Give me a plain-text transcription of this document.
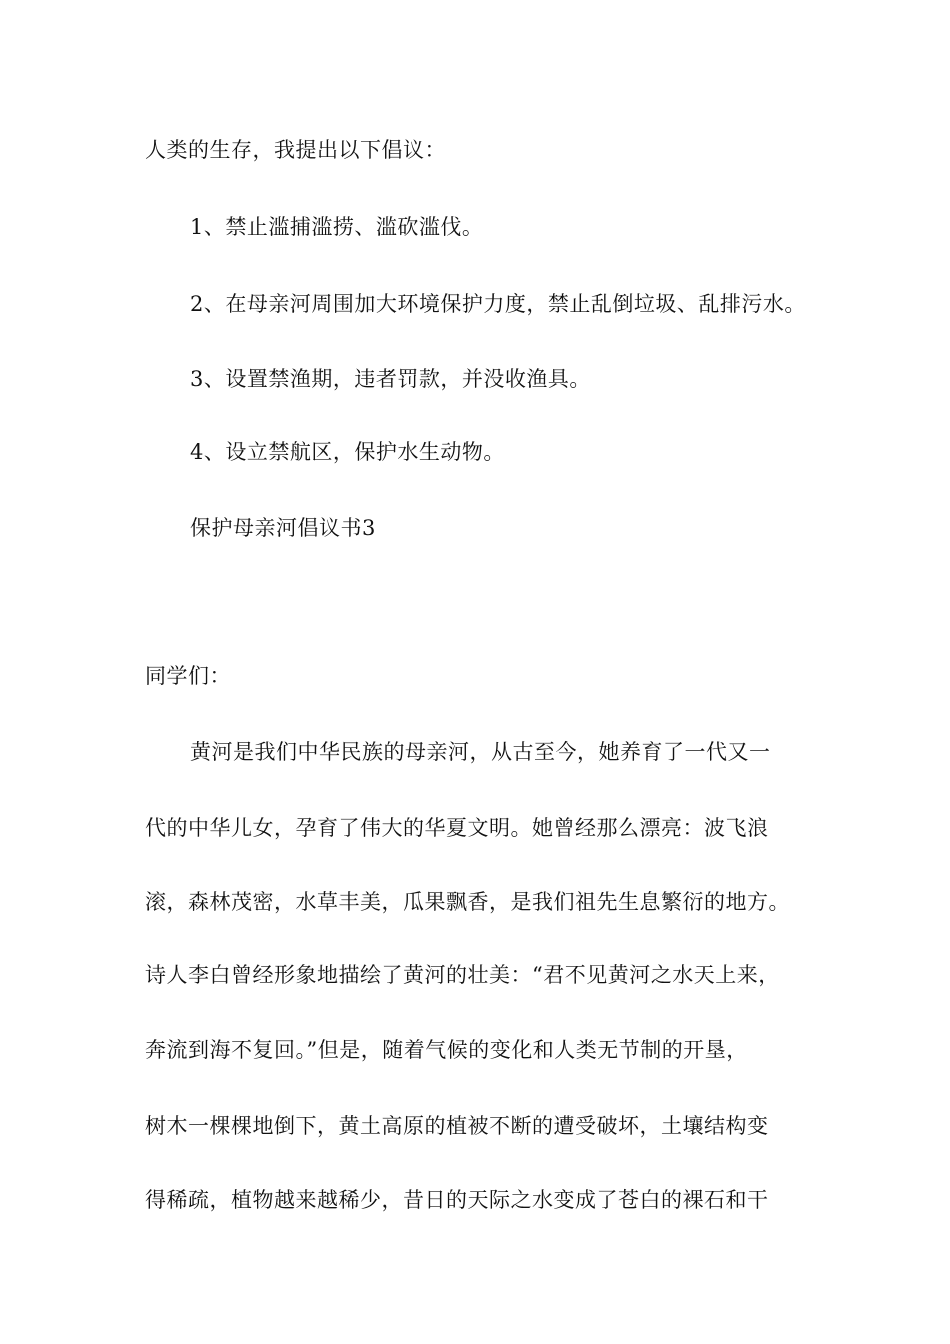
人类的生存，我提出以下倡议：
1、禁止滥捕滥捞、滥砍滥伐。
2、在母亲河周围加大环境保护力度，禁止乱倒垃圾、乱排污水。
3、设置禁渔期，违者罚款，并没收渔具。
4、设立禁航区，保护水生动物。
保护母亲河倡议书3
同学们：
黄河是我们中华民族的母亲河，从古至今，她养育了一代又一
代的中华儿女，孕育了伟大的华夏文明。她曾经那么漂亮：波飞浪
滚，森林茂密，水草丰美，瓜果飘香，是我们祖先生息繁衍的地方。
诗人李白曾经形象地描绘了黄河的壮美：“君不见黄河之水天上来，
奔流到海不复回。”但是，随着气候的变化和人类无节制的开垦，
树木一棵棵地倒下，黄土高原的植被不断的遭受破坏，土壤结构变
得稀疏，植物越来越稀少，昔日的天际之水变成了苍白的裸石和干
